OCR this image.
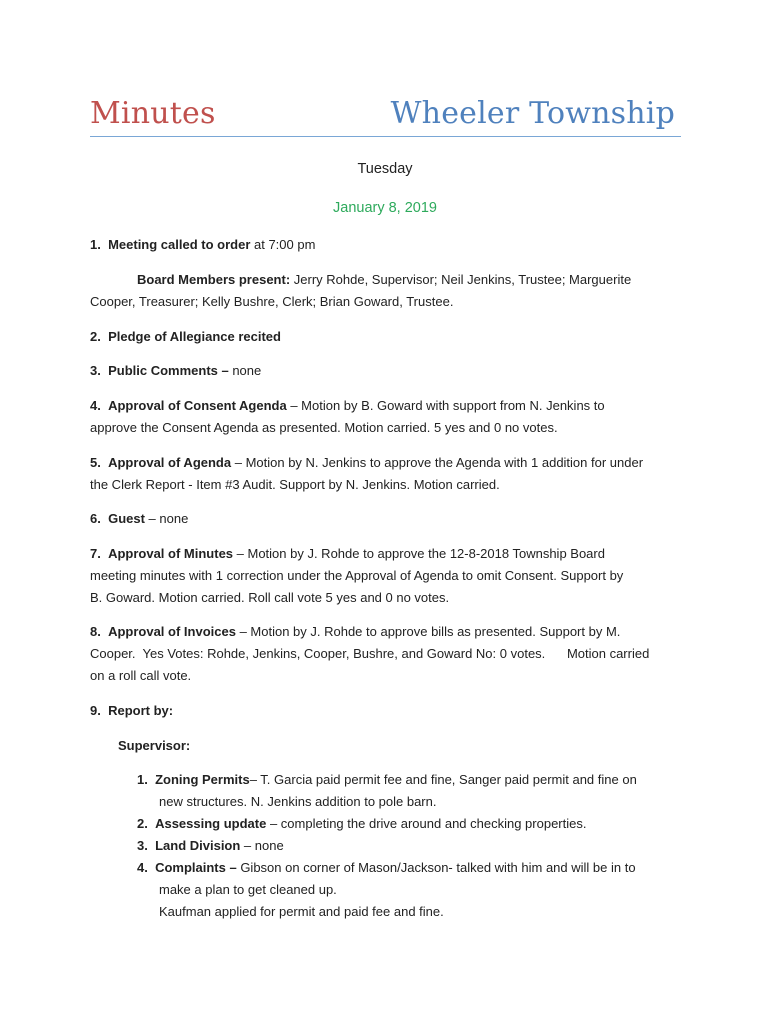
Minutes	Wheeler Township
Tuesday
January 8, 2019
1. Meeting called to order at 7:00 pm
Board Members present: Jerry Rohde, Supervisor; Neil Jenkins, Trustee; Marguerite
Cooper, Treasurer; Kelly Bushre, Clerk; Brian Goward, Trustee.
2. Pledge of Allegiance recited
3. Public Comments – none
4. Approval of Consent Agenda – Motion by B. Goward with support from N. Jenkins to
approve the Consent Agenda as presented. Motion carried. 5 yes and 0 no votes.
5. Approval of Agenda – Motion by N. Jenkins to approve the Agenda with 1 addition for under
the Clerk Report - Item #3 Audit. Support by N. Jenkins. Motion carried.
6. Guest – none
7. Approval of Minutes – Motion by J. Rohde to approve the 12-8-2018 Township Board
meeting minutes with 1 correction under the Approval of Agenda to omit Consent. Support by
B. Goward. Motion carried. Roll call vote 5 yes and 0 no votes.
8. Approval of Invoices – Motion by J. Rohde to approve bills as presented. Support by M.
Cooper.  Yes Votes: Rohde, Jenkins, Cooper, Bushre, and Goward No: 0 votes.      Motion carried
on a roll call vote.
9. Report by:
Supervisor:
1. Zoning Permits– T. Garcia paid permit fee and fine, Sanger paid permit and fine on
new structures. N. Jenkins addition to pole barn.
2. Assessing update – completing the drive around and checking properties.
3. Land Division – none
4. Complaints – Gibson on corner of Mason/Jackson- talked with him and will be in to
make a plan to get cleaned up.
Kaufman applied for permit and paid fee and fine.
